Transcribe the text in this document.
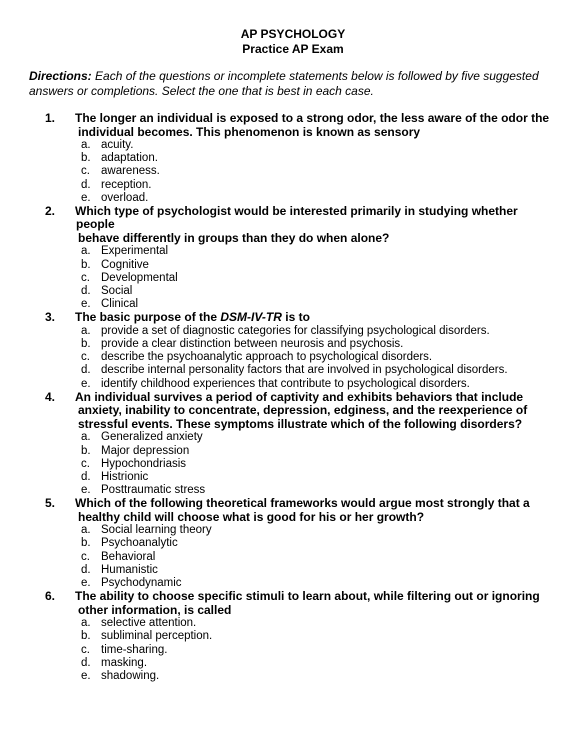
AP PSYCHOLOGY
Practice AP Exam
Directions: Each of the questions or incomplete statements below is followed by five suggested answers or completions. Select the one that is best in each case.
1. The longer an individual is exposed to a strong odor, the less aware of the odor the
individual becomes. This phenomenon is known as sensory
a. acuity.
b. adaptation.
c. awareness.
d. reception.
e. overload.
2. Which type of psychologist would be interested primarily in studying whether people
behave differently in groups than they do when alone?
a. Experimental
b. Cognitive
c. Developmental
d. Social
e. Clinical
3. The basic purpose of the DSM-IV-TR is to
a. provide a set of diagnostic categories for classifying psychological disorders.
b. provide a clear distinction between neurosis and psychosis.
c. describe the psychoanalytic approach to psychological disorders.
d. describe internal personality factors that are involved in psychological disorders.
e. identify childhood experiences that contribute to psychological disorders.
4. An individual survives a period of captivity and exhibits behaviors that include
anxiety, inability to concentrate, depression, edginess, and the reexperience of
stressful events. These symptoms illustrate which of the following disorders?
a. Generalized anxiety
b. Major depression
c. Hypochondriasis
d. Histrionic
e. Posttraumatic stress
5. Which of the following theoretical frameworks would argue most strongly that a
healthy child will choose what is good for his or her growth?
a. Social learning theory
b. Psychoanalytic
c. Behavioral
d. Humanistic
e. Psychodynamic
6. The ability to choose specific stimuli to learn about, while filtering out or ignoring
other information, is called
a. selective attention.
b. subliminal perception.
c. time-sharing.
d. masking.
e. shadowing.
